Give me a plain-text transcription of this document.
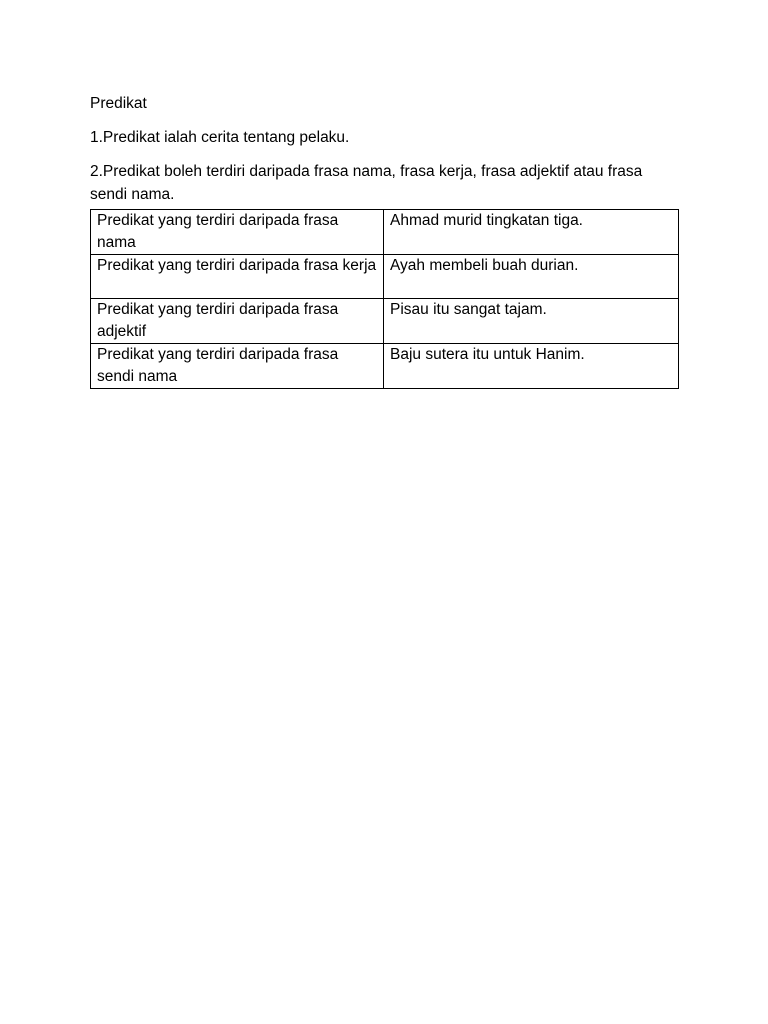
Predikat

1.Predikat ialah cerita tentang pelaku.

2.Predikat boleh terdiri daripada frasa nama, frasa kerja, frasa adjektif atau frasa sendi nama.

Predikat yang terdiri daripada frasa nama	Ahmad murid tingkatan tiga.
Predikat yang terdiri daripada frasa kerja	Ayah membeli buah durian.
Predikat yang terdiri daripada frasa adjektif	Pisau itu sangat tajam.
Predikat yang terdiri daripada frasa sendi nama	Baju sutera itu untuk Hanim.
